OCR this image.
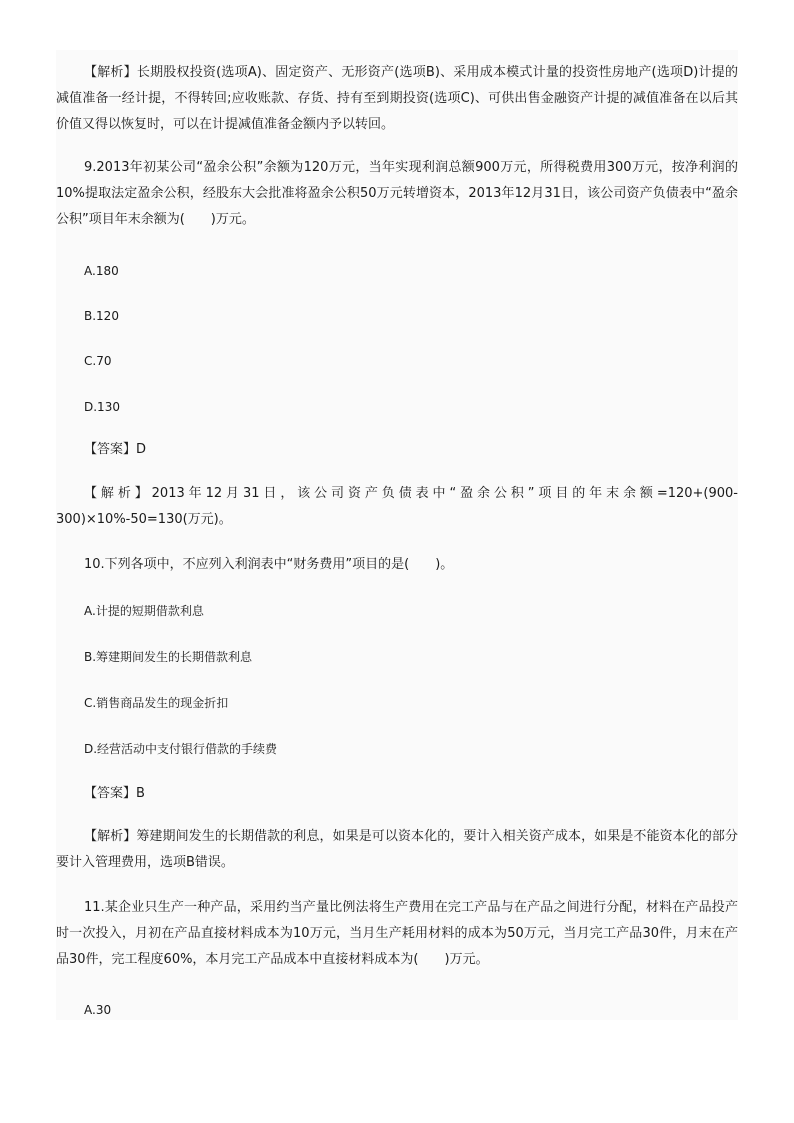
【解析】长期股权投资(选项A)、固定资产、无形资产(选项B)、采用成本模式计量的投资性房地产(选项D)计提的减值准备一经计提，不得转回;应收账款、存货、持有至到期投资(选项C)、可供出售金融资产计提的减值准备在以后其价值又得以恢复时，可以在计提减值准备金额内予以转回。

9.2013年初某公司“盈余公积”余额为120万元，当年实现利润总额900万元，所得税费用300万元，按净利润的10%提取法定盈余公积，经股东大会批准将盈余公积50万元转增资本，2013年12月31日，该公司资产负债表中“盈余公积”项目年末余额为(　　)万元。

A.180

B.120

C.70

D.130

【答案】D

【解析】2013年12月31日，该公司资产负债表中“盈余公积”项目的年末余额=120+(900-300)×10%-50=130(万元)。

10.下列各项中，不应列入利润表中“财务费用”项目的是(　　)。

A.计提的短期借款利息

B.筹建期间发生的长期借款利息

C.销售商品发生的现金折扣

D.经营活动中支付银行借款的手续费

【答案】B

【解析】筹建期间发生的长期借款的利息，如果是可以资本化的，要计入相关资产成本，如果是不能资本化的部分要计入管理费用，选项B错误。

11.某企业只生产一种产品，采用约当产量比例法将生产费用在完工产品与在产品之间进行分配，材料在产品投产时一次投入，月初在产品直接材料成本为10万元，当月生产耗用材料的成本为50万元，当月完工产品30件，月末在产品30件，完工程度60%，本月完工产品成本中直接材料成本为(　　)万元。

A.30
